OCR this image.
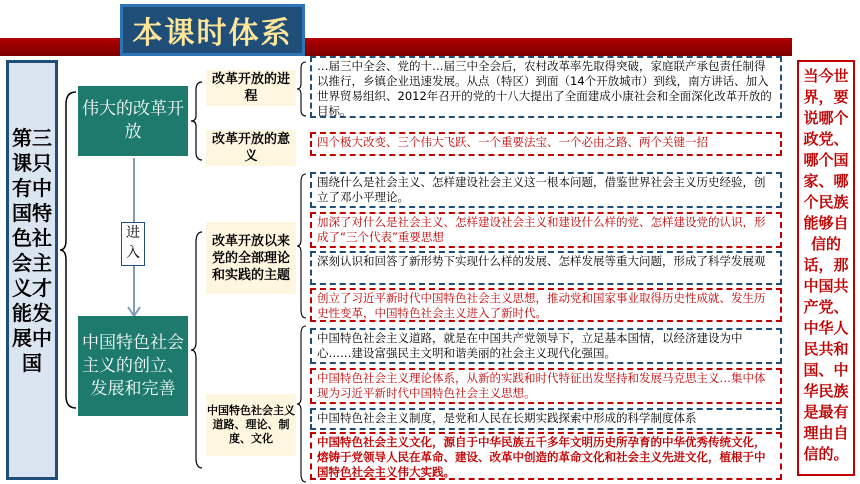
本课时体系
第三课只有中国特色社会主义才能发展中国
伟大的改革开放
进入
中国特色社会主义的创立、发展和完善
改革开放的进程
改革开放的意义
改革开放以来党的全部理论和实践的主题
中国特色社会主义道路、理论、制度、文化
…届三中全会、党的十…届三中全会后，农村改革率先取得突破，家庭联产承包责任制得以推行，乡镇企业迅速发展。从点（特区）到面（14个开放城市）到线，南方讲话、加入世界贸易组织、2012年召开的党的十八大提出了全面建成小康社会和全面深化改革开放的目标。
四个极大改变、三个伟大飞跃、一个重要法宝、一个必由之路、两个关键一招
围绕什么是社会主义、怎样建设社会主义这一根本问题，借鉴世界社会主义历史经验，创立了邓小平理论。
加深了对什么是社会主义、怎样建设社会主义和建设什么样的党、怎样建设党的认识，形成了“三个代表”重要思想
深刻认识和回答了新形势下实现什么样的发展、怎样发展等重大问题，形成了科学发展观
创立了习近平新时代中国特色社会主义思想，推动党和国家事业取得历史性成就、发生历史性变革，中国特色社会主义进入了新时代。
中国特色社会主义道路，就是在中国共产党领导下，立足基本国情，以经济建设为中心……建设富强民主文明和谐美丽的社会主义现代化强国。
中国特色社会主义理论体系，从新的实践和时代特征出发坚持和发展马克思主义…集中体现为习近平新时代中国特色社会主义思想。
中国特色社会主义制度，是党和人民在长期实践探索中形成的科学制度体系
中国特色社会主义文化，源自于中华民族五千多年文明历史所孕育的中华优秀传统文化，熔铸于党领导人民在革命、建设、改革中创造的革命文化和社会主义先进文化，植根于中国特色社会主义伟大实践。
当今世界，要说哪个政党、哪个国家、哪个民族能够自信的话，那中国共产党、中华人民共和国、中华民族是最有理由自信的。
